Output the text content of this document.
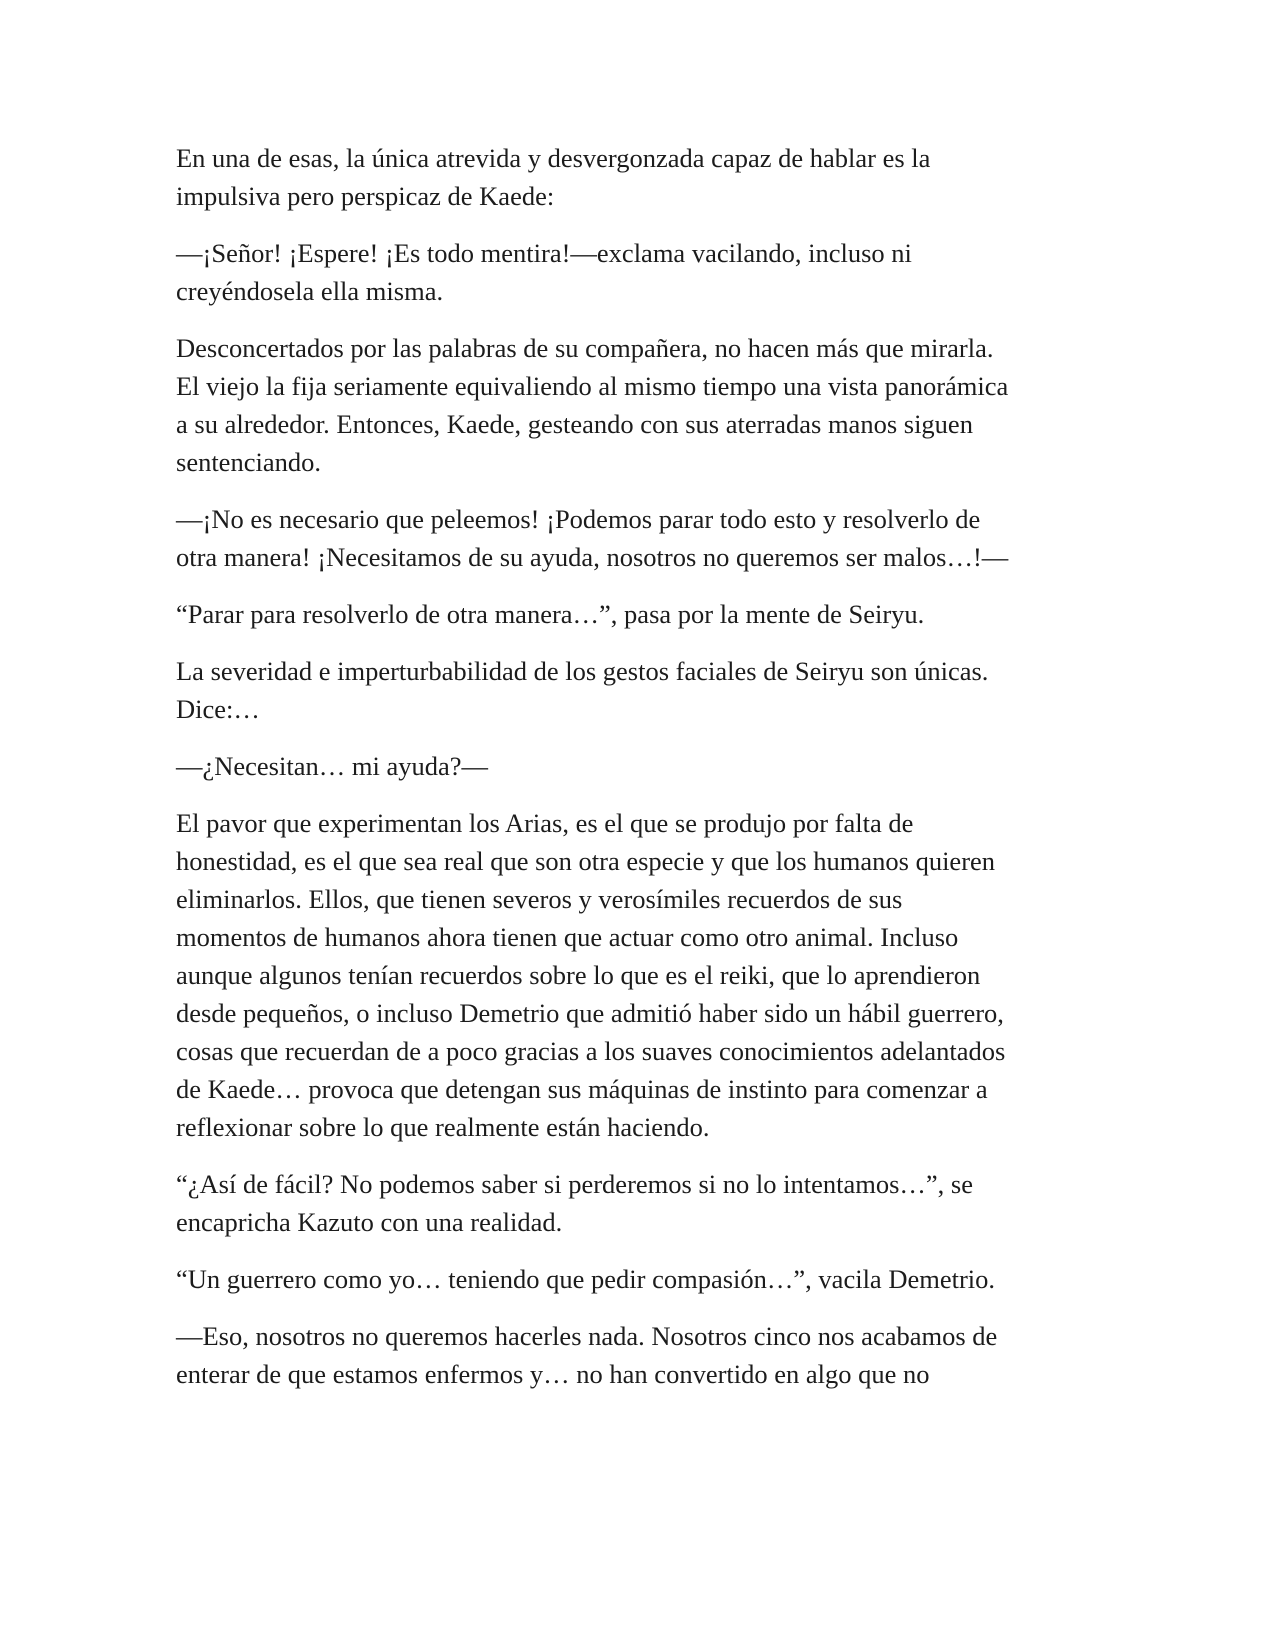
En una de esas, la única atrevida y desvergonzada capaz de hablar es la
impulsiva pero perspicaz de Kaede:

—¡Señor! ¡Espere! ¡Es todo mentira!—exclama vacilando, incluso ni
creyéndosela ella misma.

Desconcertados por las palabras de su compañera, no hacen más que mirarla.
El viejo la fija seriamente equivaliendo al mismo tiempo una vista panorámica
a su alrededor. Entonces, Kaede, gesteando con sus aterradas manos siguen
sentenciando.

—¡No es necesario que peleemos! ¡Podemos parar todo esto y resolverlo de
otra manera! ¡Necesitamos de su ayuda, nosotros no queremos ser malos…!—

“Parar para resolverlo de otra manera…”, pasa por la mente de Seiryu.

La severidad e imperturbabilidad de los gestos faciales de Seiryu son únicas.
Dice:…

—¿Necesitan… mi ayuda?—

El pavor que experimentan los Arias, es el que se produjo por falta de
honestidad, es el que sea real que son otra especie y que los humanos quieren
eliminarlos. Ellos, que tienen severos y verosímiles recuerdos de sus
momentos de humanos ahora tienen que actuar como otro animal. Incluso
aunque algunos tenían recuerdos sobre lo que es el reiki, que lo aprendieron
desde pequeños, o incluso Demetrio que admitió haber sido un hábil guerrero,
cosas que recuerdan de a poco gracias a los suaves conocimientos adelantados
de Kaede… provoca que detengan sus máquinas de instinto para comenzar a
reflexionar sobre lo que realmente están haciendo.

“¿Así de fácil? No podemos saber si perderemos si no lo intentamos…”, se
encapricha Kazuto con una realidad.

“Un guerrero como yo… teniendo que pedir compasión…”, vacila Demetrio.

—Eso, nosotros no queremos hacerles nada. Nosotros cinco nos acabamos de
enterar de que estamos enfermos y… no han convertido en algo que no
